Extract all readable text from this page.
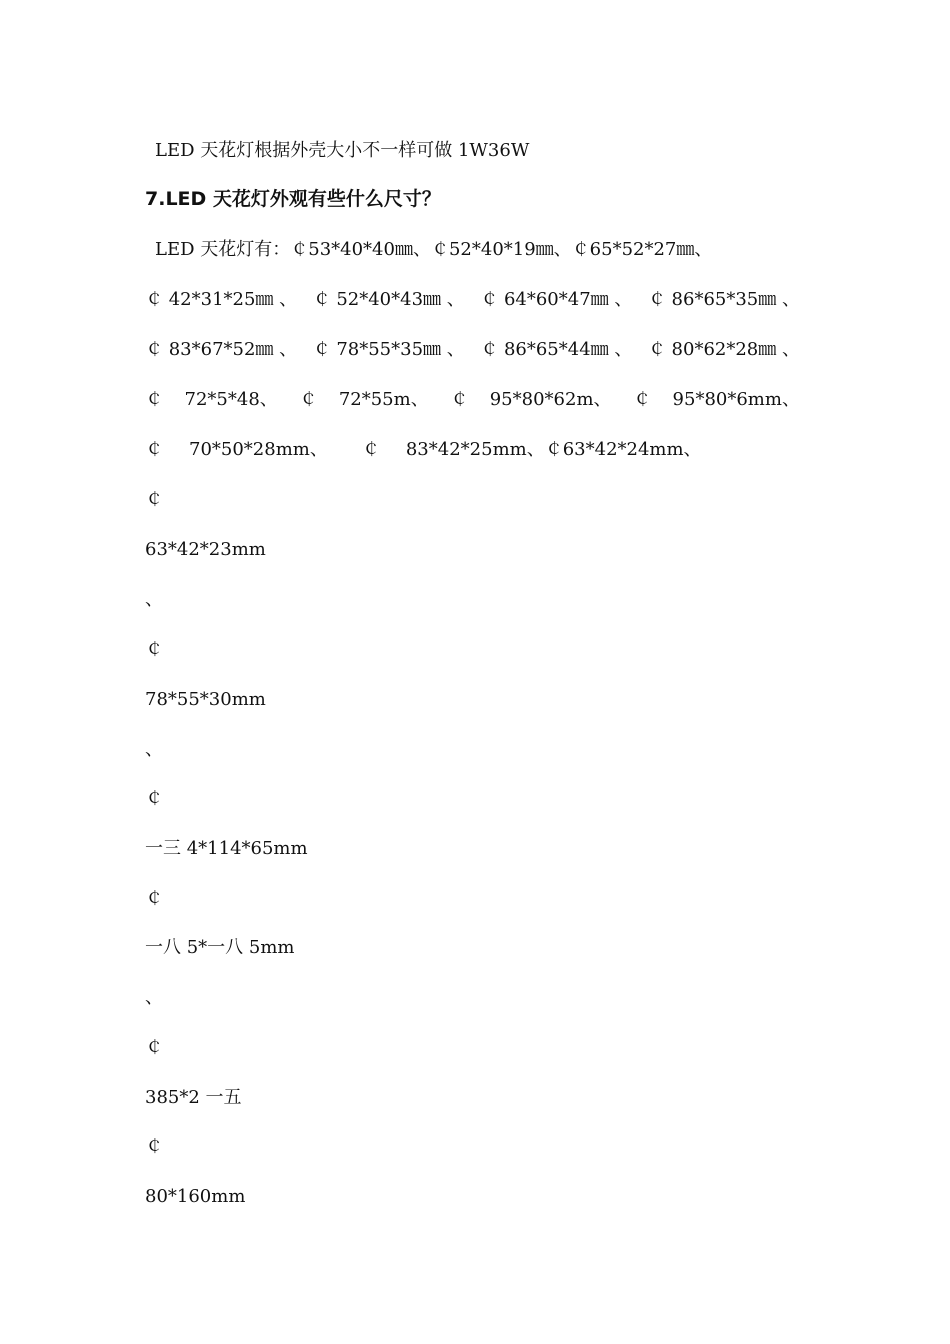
LED 天花灯根据外壳大小不一样可做 1W36W
7.LED 天花灯外观有些什么尺寸？
LED 天花灯有：￠53*40*40㎜、￠52*40*19㎜、￠65*52*27㎜、
￠ 42*31*25㎜ 、 ￠ 52*40*43㎜ 、 ￠ 64*60*47㎜ 、 ￠ 86*65*35㎜ 、
￠ 83*67*52㎜ 、 ￠ 78*55*35㎜ 、 ￠ 86*65*44㎜ 、 ￠ 80*62*28㎜ 、
￠ 72*5*48、 ￠ 72*55m、 ￠ 95*80*62m、 ￠ 95*80*6mm、
￠ 70*50*28mm、 ￠ 83*42*25mm、￠63*42*24mm、
￠
63*42*23mm
、
￠
78*55*30mm
、
￠
一三 4*114*65mm
￠
一八 5*一八 5mm
、
￠
385*2 一五
￠
80*160mm
